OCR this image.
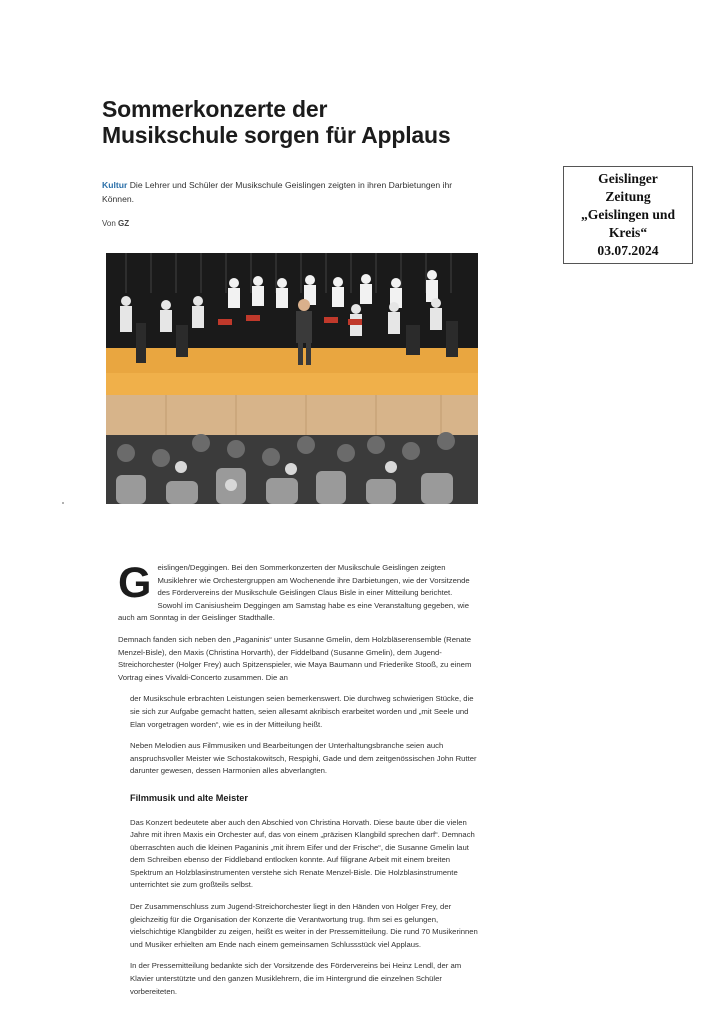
Sommerkonzerte der
Musikschule sorgen für Applaus
Kultur Die Lehrer und Schüler der Musikschule Geislingen zeigten in ihren Darbietungen ihr Können.
Von GZ
Geislinger
Zeitung
„Geislingen und
Kreis“
03.07.2024

Geislingen/Deggingen. Bei den Sommerkonzerten der Musikschule Geislingen zeigten Musiklehrer wie Orchestergruppen am Wochenende ihre Darbietungen, wie der Vorsitzende des Fördervereins der Musikschule Geislingen Claus Bisle in einer Mitteilung berichtet. Sowohl im Canisiusheim Deggingen am Samstag habe es eine Veranstaltung gegeben, wie auch am Sonntag in der Geislinger Stadthalle.

Demnach fanden sich neben den „Paganinis“ unter Susanne Gmelin, dem Holzbläserensemble (Renate Menzel-Bisle), den Maxis (Christina Horvarth), der Fiddelband (Susanne Gmelin), dem Jugend-Streichorchester (Holger Frey) auch Spitzenspieler, wie Maya Baumann und Friederike Stooß, zu einem Vortrag eines Vivaldi-Concerto zusammen. Die an

der Musikschule erbrachten Leistungen seien bemerkenswert. Die durchweg schwierigen Stücke, die sie sich zur Aufgabe gemacht hatten, seien allesamt akribisch erarbeitet worden und „mit Seele und Elan vorgetragen worden“, wie es in der Mitteilung heißt.

Neben Melodien aus Filmmusiken und Bearbeitungen der Unterhaltungsbranche seien auch anspruchsvoller Meister wie Schostakowitsch, Respighi, Gade und dem zeitgenössischen John Rutter darunter gewesen, dessen Harmonien alles abverlangten.

Filmmusik und alte Meister

Das Konzert bedeutete aber auch den Abschied von Christina Horvath. Diese baute über die vielen Jahre mit ihren Maxis ein Orchester auf, das von einem „präzisen Klangbild sprechen darf“. Demnach überraschten auch die kleinen Paganinis „mit ihrem Eifer und der Frische“, die Susanne Gmelin laut dem Schreiben ebenso der Fiddleband entlocken konnte. Auf filigrane Arbeit mit einem breiten Spektrum an Holzblasinstrumenten verstehe sich Renate Menzel-Bisle. Die Holzblasinstrumente unterrichtet sie zum großteils selbst.

Der Zusammenschluss zum Jugend-Streichorchester liegt in den Händen von Holger Frey, der gleichzeitig für die Organisation der Konzerte die Verantwortung trug. Ihm sei es gelungen, vielschichtige Klangbilder zu zeigen, heißt es weiter in der Pressemitteilung. Die rund 70 Musikerinnen und Musiker erhielten am Ende nach einem gemeinsamen Schlussstück viel Applaus.

In der Pressemitteilung bedankte sich der Vorsitzende des Fördervereins bei Heinz Lendl, der am Klavier unterstützte und den ganzen Musiklehrern, die im Hintergrund die einzelnen Schüler vorbereiteten.
